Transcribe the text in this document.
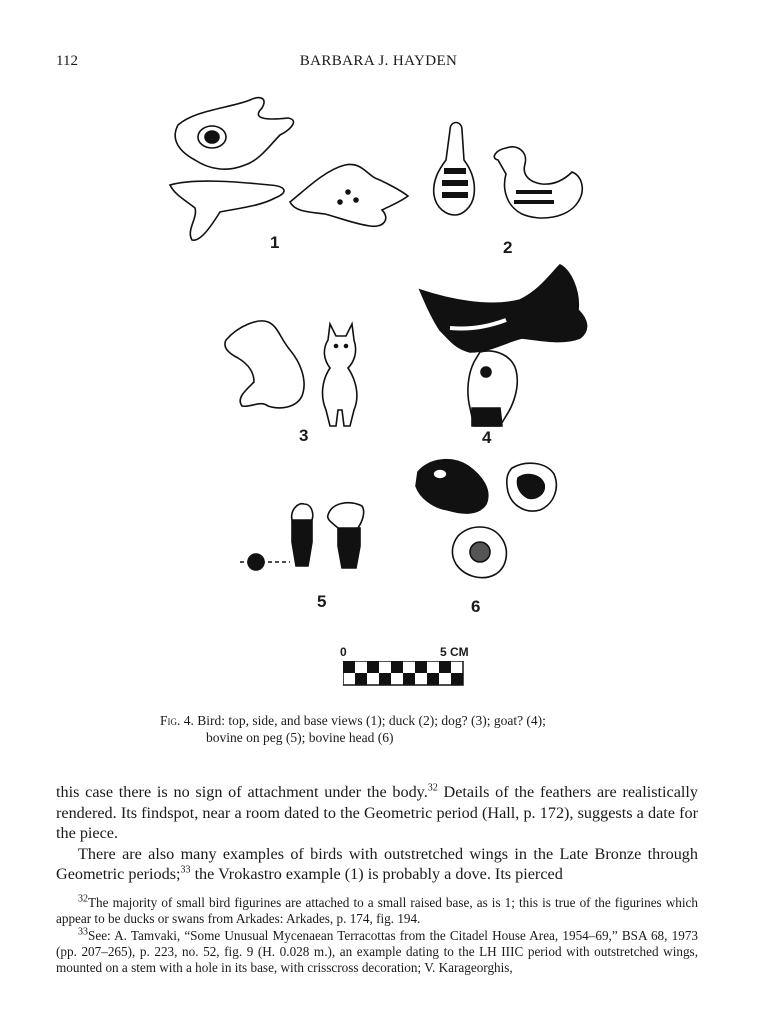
112	BARBARA J. HAYDEN
1	2
3	4
5	6
0	5 CM
Fig. 4. Bird: top, side, and base views (1); duck (2); dog? (3); goat? (4);
bovine on peg (5); bovine head (6)

this case there is no sign of attachment under the body.$^{32}$ Details of the feathers are realistically rendered. Its findspot, near a room dated to the Geometric period (Hall, p. 172), suggests a date for the piece.

There are also many examples of birds with outstretched wings in the Late Bronze through Geometric periods;$^{33}$ the Vrokastro example (1) is probably a dove. Its pierced

$^{32}$The majority of small bird figurines are attached to a small raised base, as is 1; this is true of the figurines which appear to be ducks or swans from Arkades: Arkades, p. 174, fig. 194.

$^{33}$See: A. Tamvaki, “Some Unusual Mycenaean Terracottas from the Citadel House Area, 1954–69,” BSA 68, 1973 (pp. 207–265), p. 223, no. 52, fig. 9 (H. 0.028 m.), an example dating to the LH IIIC period with outstretched wings, mounted on a stem with a hole in its base, with crisscross decoration; V. Karageorghis,
